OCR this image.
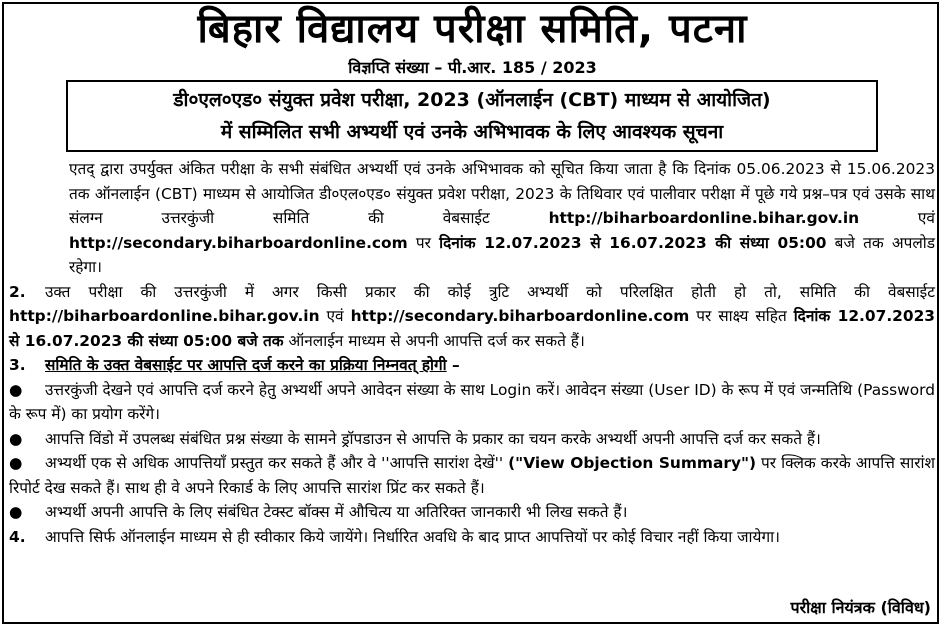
बिहार विद्यालय परीक्षा समिति, पटना
विज्ञप्ति संख्या – पी.आर. 185 / 2023
डी०एल०एड० संयुक्त प्रवेश परीक्षा, 2023 (ऑनलाईन (CBT) माध्यम से आयोजित)
में सम्मिलित सभी अभ्यर्थी एवं उनके अभिभावक के लिए आवश्यक सूचना

एतद् द्वारा उपर्युक्त अंकित परीक्षा के सभी संबंधित अभ्यर्थी एवं उनके अभिभावक को सूचित किया जाता है कि दिनांक 05.06.2023 से 15.06.2023 तक ऑनलाईन (CBT) माध्यम से आयोजित डी०एल०एड० संयुक्त प्रवेश परीक्षा, 2023 के तिथिवार एवं पालीवार परीक्षा में पूछे गये प्रश्न–पत्र एवं उसके साथ संलग्न उत्तरकुंजी समिति की वेबसाईट http://biharboardonline.bihar.gov.in एवं http://secondary.biharboardonline.com पर दिनांक 12.07.2023 से 16.07.2023 की संध्या 05:00 बजे तक अपलोड रहेगा।

2. उक्त परीक्षा की उत्तरकुंजी में अगर किसी प्रकार की कोई त्रुटि अभ्यर्थी को परिलक्षित होती हो तो, समिति की वेबसाईट http://biharboardonline.bihar.gov.in एवं http://secondary.biharboardonline.com पर साक्ष्य सहित दिनांक 12.07.2023 से 16.07.2023 की संध्या 05:00 बजे तक ऑनलाईन माध्यम से अपनी आपत्ति दर्ज कर सकते हैं।

3. समिति के उक्त वेबसाईट पर आपत्ति दर्ज करने का प्रक्रिया निम्नवत् होगी –

● उत्तरकुंजी देखने एवं आपत्ति दर्ज करने हेतु अभ्यर्थी अपने आवेदन संख्या के साथ Login करें। आवेदन संख्या (User ID) के रूप में एवं जन्मतिथि (Password के रूप में) का प्रयोग करेंगे।

● आपत्ति विंडो में उपलब्ध संबंधित प्रश्न संख्या के सामने ड्रॉपडाउन से आपत्ति के प्रकार का चयन करके अभ्यर्थी अपनी आपत्ति दर्ज कर सकते हैं।

● अभ्यर्थी एक से अधिक आपत्तियाँ प्रस्तुत कर सकते हैं और वे ''आपत्ति सारांश देखें'' ("View Objection Summary") पर क्लिक करके आपत्ति सारांश रिपोर्ट देख सकते हैं। साथ ही वे अपने रिकार्ड के लिए आपत्ति सारांश प्रिंट कर सकते हैं।

● अभ्यर्थी अपनी आपत्ति के लिए संबंधित टेक्स्ट बॉक्स में औचित्य या अतिरिक्त जानकारी भी लिख सकते हैं।

4. आपत्ति सिर्फ ऑनलाईन माध्यम से ही स्वीकार किये जायेंगे। निर्धारित अवधि के बाद प्राप्त आपत्तियों पर कोई विचार नहीं किया जायेगा।

परीक्षा नियंत्रक (विविध)
